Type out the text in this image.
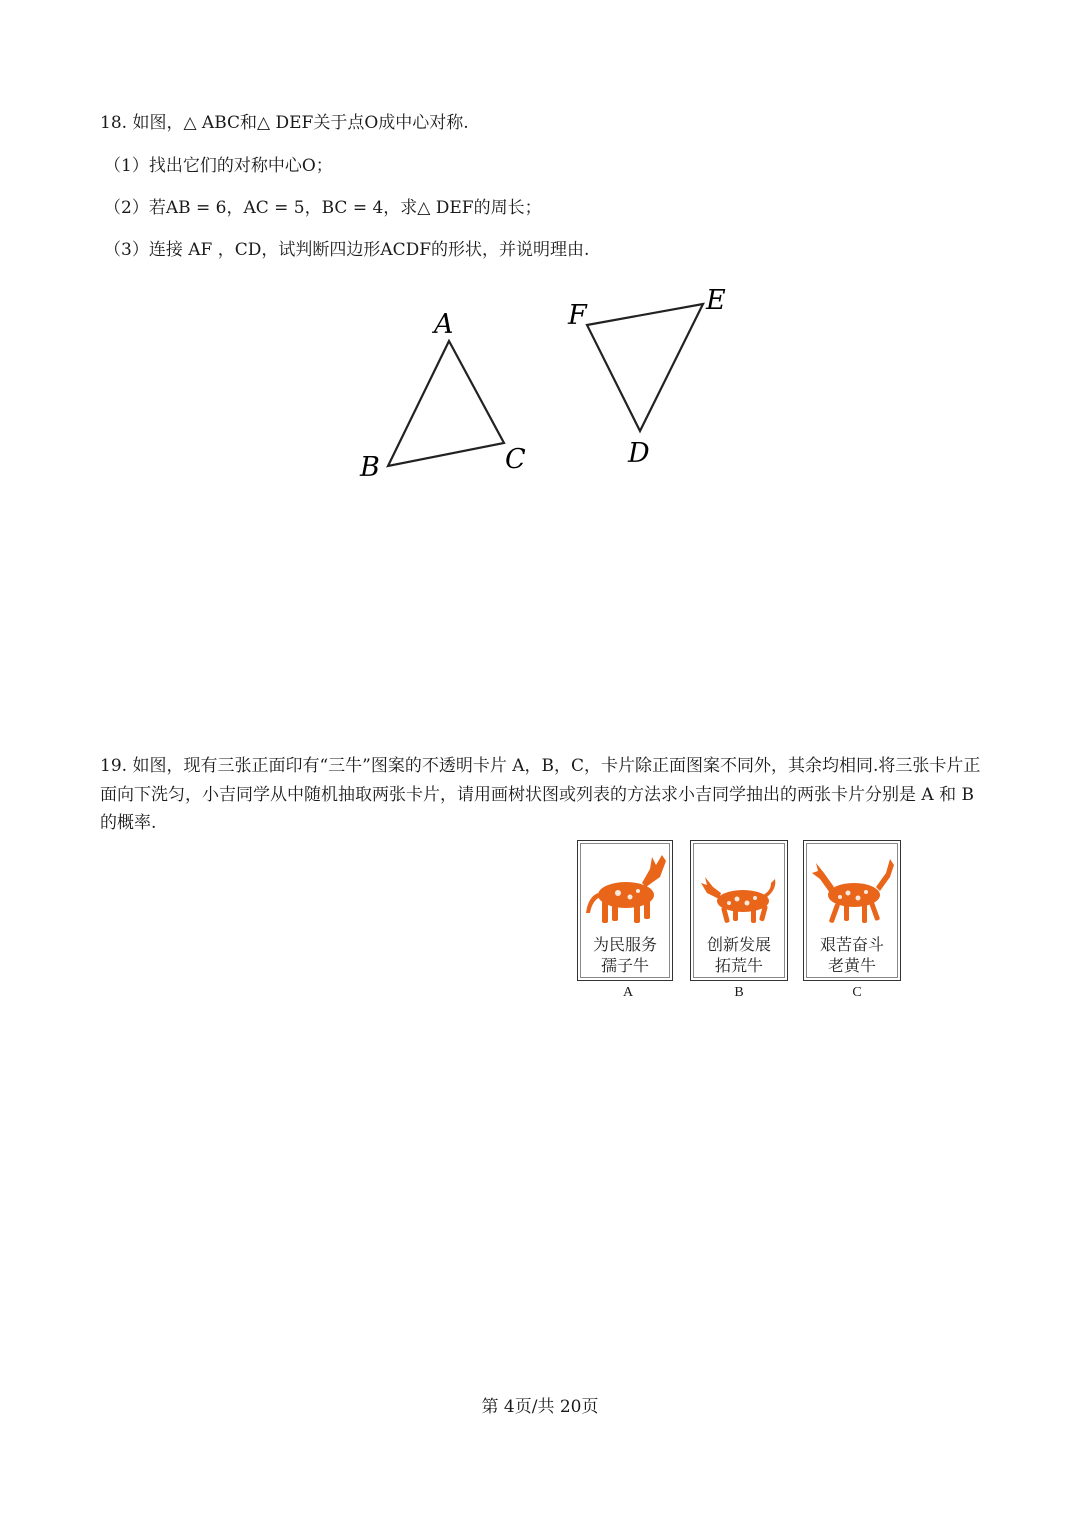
18. 如图，△ ABC和△ DEF关于点O成中心对称.
（1）找出它们的对称中心O；
（2）若AB = 6，AC = 5，BC = 4，求△ DEF的周长；
（3）连接 AF ，CD，试判断四边形ACDF的形状，并说明理由.
A
B	C
F	E
D
19. 如图，现有三张正面印有“三牛”图案的不透明卡片 A，B，C，卡片除正面图案不同外，其余均相同.将三张卡片正面向下洗匀，小吉同学从中随机抽取两张卡片，请用画树状图或列表的方法求小吉同学抽出的两张卡片分别是 A 和 B 的概率.
为民服务
孺子牛
创新发展
拓荒牛
艰苦奋斗
老黄牛
A	B	C
第 4页/共 20页
